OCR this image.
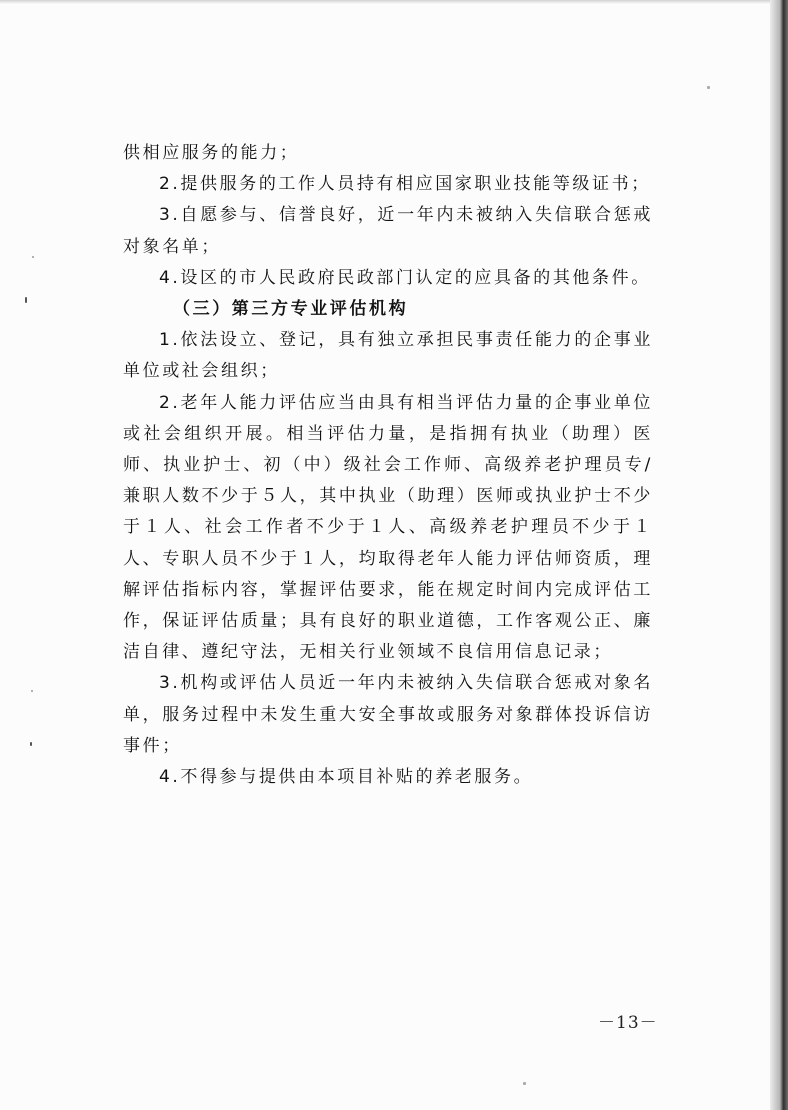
供相应服务的能力；

2.提供服务的工作人员持有相应国家职业技能等级证书；

3.自愿参与、信誉良好，近一年内未被纳入失信联合惩戒对象名单；

4.设区的市人民政府民政部门认定的应具备的其他条件。

（三）第三方专业评估机构

1.依法设立、登记，具有独立承担民事责任能力的企事业单位或社会组织；

2.老年人能力评估应当由具有相当评估力量的企事业单位或社会组织开展。相当评估力量，是指拥有执业（助理）医师、执业护士、初（中）级社会工作师、高级养老护理员专/兼职人数不少于５人，其中执业（助理）医师或执业护士不少于１人、社会工作者不少于１人、高级养老护理员不少于１人、专职人员不少于１人，均取得老年人能力评估师资质，理解评估指标内容，掌握评估要求，能在规定时间内完成评估工作，保证评估质量；具有良好的职业道德，工作客观公正、廉洁自律、遵纪守法，无相关行业领域不良信用信息记录；

3.机构或评估人员近一年内未被纳入失信联合惩戒对象名单，服务过程中未发生重大安全事故或服务对象群体投诉信访事件；

4.不得参与提供由本项目补贴的养老服务。

－13－
